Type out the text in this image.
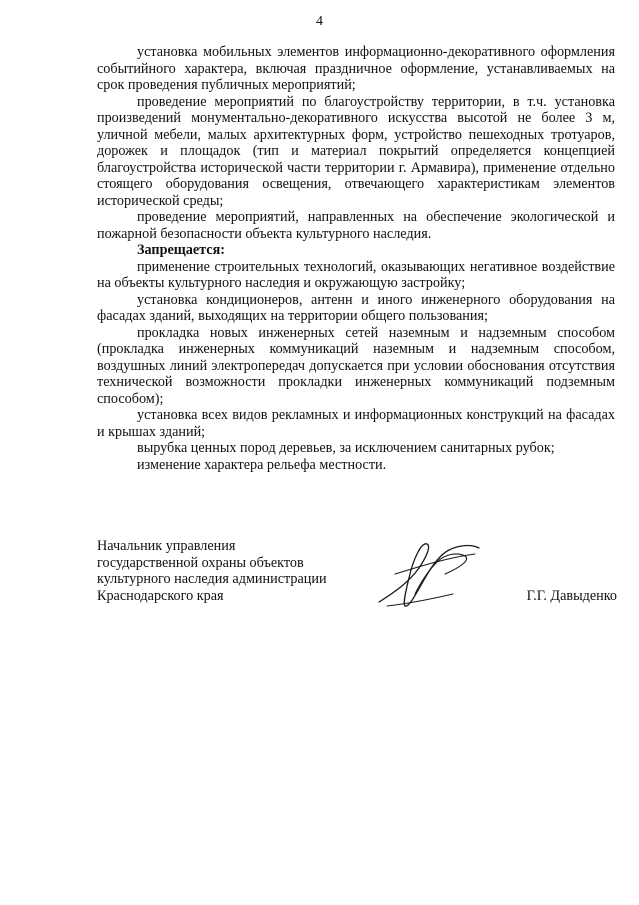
4

установка мобильных элементов информационно-декоративного оформления событийного характера, включая праздничное оформление, устанавливаемых на срок проведения публичных мероприятий;

проведение мероприятий по благоустройству территории, в т.ч. установка произведений монументально-декоративного искусства высотой не более 3 м, уличной мебели, малых архитектурных форм, устройство пешеходных тротуаров, дорожек и площадок (тип и материал покрытий определяется концепцией благоустройства исторической части территории г. Армавира), применение отдельно стоящего оборудования освещения, отвечающего характеристикам элементов исторической среды;

проведение мероприятий, направленных на обеспечение экологической и пожарной безопасности объекта культурного наследия.

Запрещается:

применение строительных технологий, оказывающих негативное воздействие на объекты культурного наследия и окружающую застройку;

установка кондиционеров, антенн и иного инженерного оборудования на фасадах зданий, выходящих на территории общего пользования;

прокладка новых инженерных сетей наземным и надземным способом (прокладка инженерных коммуникаций наземным и надземным способом, воздушных линий электропередач допускается при условии обоснования отсутствия технической возможности прокладки инженерных коммуникаций подземным способом);

установка всех видов рекламных и информационных конструкций на фасадах и крышах зданий;

вырубка ценных пород деревьев, за исключением санитарных рубок;

изменение характера рельефа местности.

Начальник управления
государственной охраны объектов
культурного наследия администрации
Краснодарского края	Г.Г. Давыденко
